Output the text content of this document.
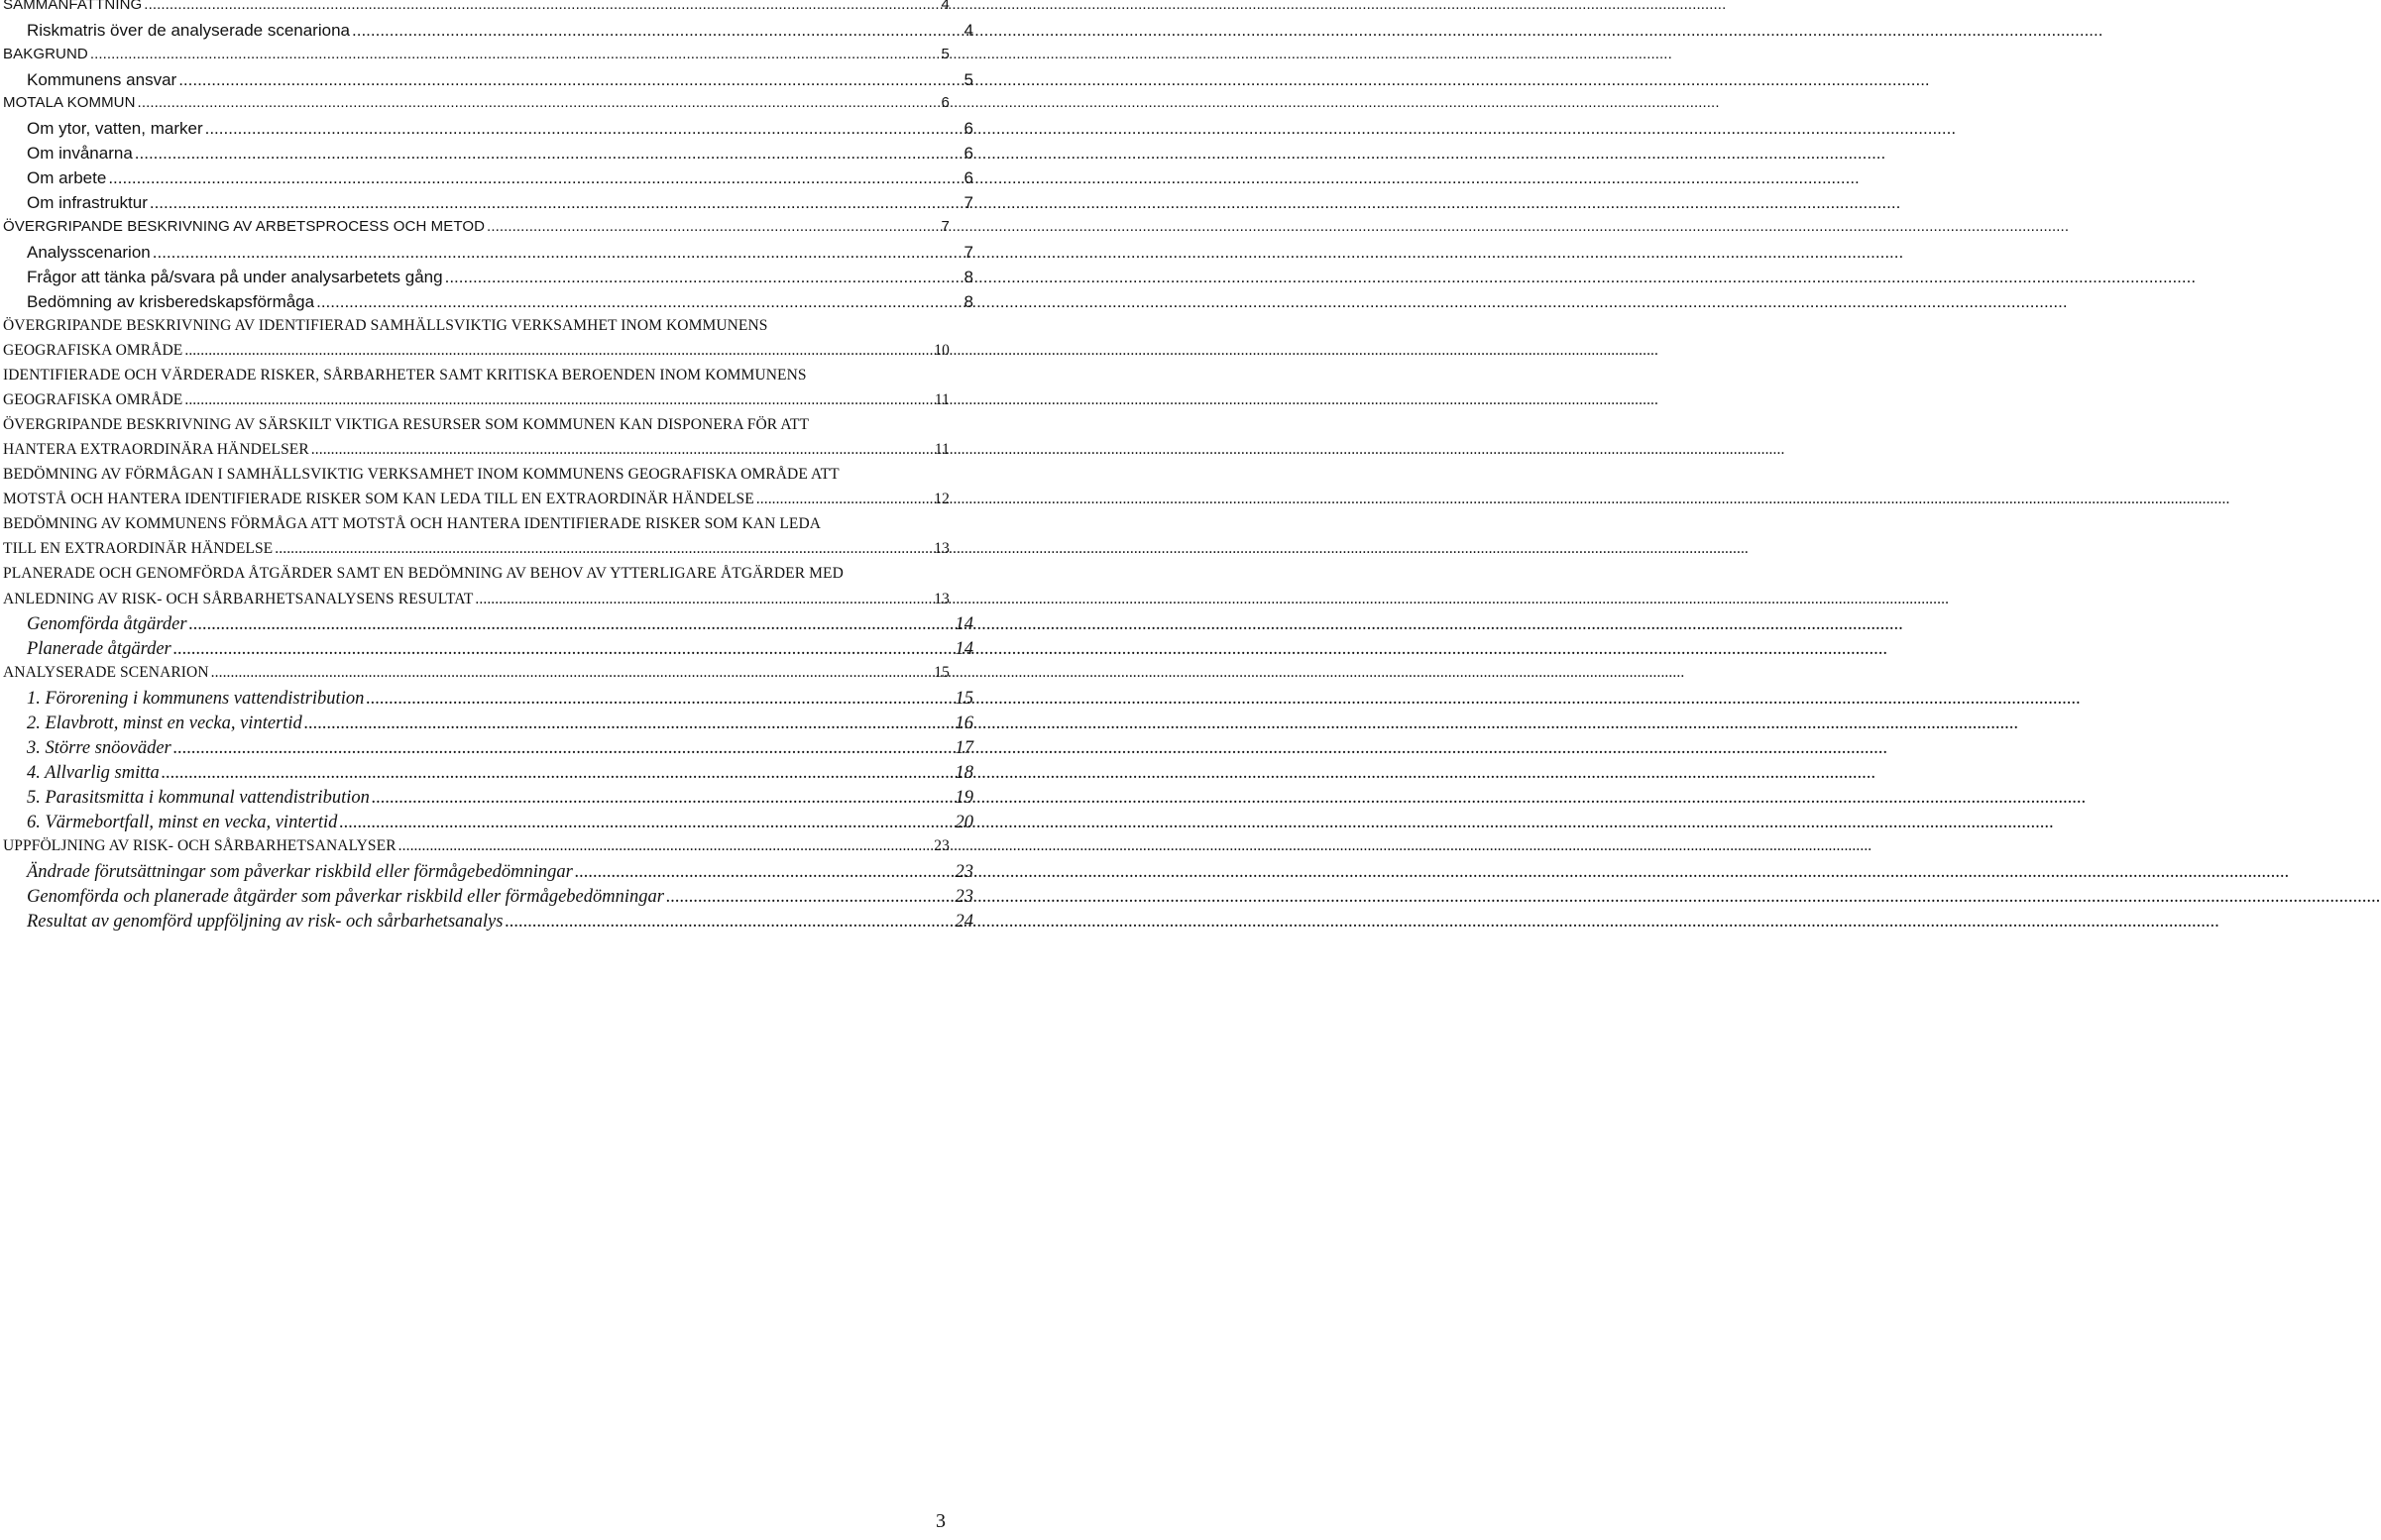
SAMMANFATTNING .....	4
Riskmatris över de analyserade scenariona .....	4
BAKGRUND .....	5
Kommunens ansvar .....	5
MOTALA KOMMUN .....	6
Om ytor, vatten, marker .....	6
Om invånarna .....	6
Om arbete .....	6
Om infrastruktur .....	7
ÖVERGRIPANDE BESKRIVNING AV ARBETSPROCESS OCH METOD .....	7
Analysscenarion .....	7
Frågor att tänka på/svara på under analysarbetets gång .....	8
Bedömning av krisberedskapsförmåga .....	8
ÖVERGRIPANDE BESKRIVNING AV IDENTIFIERAD SAMHÄLLSVIKTIG VERKSAMHET INOM KOMMUNENS
GEOGRAFISKA OMRÅDE .....	10
IDENTIFIERADE OCH VÄRDERADE RISKER, SÅRBARHETER SAMT KRITISKA BEROENDEN INOM KOMMUNENS
GEOGRAFISKA OMRÅDE .....	11
ÖVERGRIPANDE BESKRIVNING AV SÄRSKILT VIKTIGA RESURSER SOM KOMMUNEN KAN DISPONERA FÖR ATT
HANTERA EXTRAORDINÄRA HÄNDELSER .....	11
BEDÖMNING AV FÖRMÅGAN I SAMHÄLLSVIKTIG VERKSAMHET INOM KOMMUNENS GEOGRAFISKA OMRÅDE ATT
MOTSTÅ OCH HANTERA IDENTIFIERADE RISKER SOM KAN LEDA TILL EN EXTRAORDINÄR HÄNDELSE .....	12
BEDÖMNING AV KOMMUNENS FÖRMÅGA ATT MOTSTÅ OCH HANTERA IDENTIFIERADE RISKER SOM KAN LEDA
TILL EN EXTRAORDINÄR HÄNDELSE .....	13
PLANERADE OCH GENOMFÖRDA ÅTGÄRDER SAMT EN BEDÖMNING AV BEHOV AV YTTERLIGARE ÅTGÄRDER MED
ANLEDNING AV RISK- OCH SÅRBARHETSANALYSENS RESULTAT .....	13
Genomförda åtgärder .....	14
Planerade åtgärder .....	14
ANALYSERADE SCENARION .....	15
1. Förorening i kommunens vattendistribution .....	15
2. Elavbrott, minst en vecka, vintertid .....	16
3. Större snöoväder .....	17
4. Allvarlig smitta .....	18
5. Parasitsmitta i kommunal vattendistribution .....	19
6. Värmebortfall, minst en vecka, vintertid .....	20
UPPFÖLJNING AV RISK- OCH SÅRBARHETSANALYSER .....	23
Ändrade förutsättningar som påverkar riskbild eller förmågebedömningar .....	23
Genomförda och planerade åtgärder som påverkar riskbild eller förmågebedömningar .....	23
Resultat av genomförd uppföljning av risk- och sårbarhetsanalys .....	24
3
